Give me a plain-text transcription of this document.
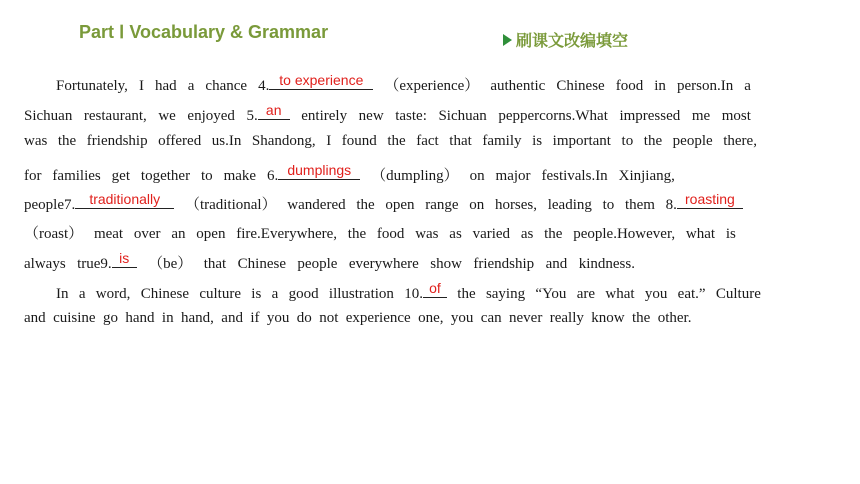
Part Ⅰ Vocabulary & Grammar	刷课文改编填空
Fortunately, I had a chance 4. to experience	（experience） authentic Chinese food in person.In a
Sichuan restaurant, we enjoyed 5. an	entirely new taste: Sichuan peppercorns.What impressed me most
was the friendship offered us.In Shandong, I found the fact that family is important to the people there,
for families get together to make 6. dumplings	（dumpling） on major festivals.In Xinjiang,
people7.	traditionally	（traditional） wandered the open range on horses, leading to them 8. roasting
（roast） meat over an open fire.Everywhere, the food was as varied as the people.However, what is
always true9. is	（be） that Chinese people everywhere show friendship and kindness.
In a word, Chinese culture is a good illustration 10. of	the saying “You are what you eat.” Culture
and cuisine go hand in hand, and if you do not experience one, you can never really know the other.
